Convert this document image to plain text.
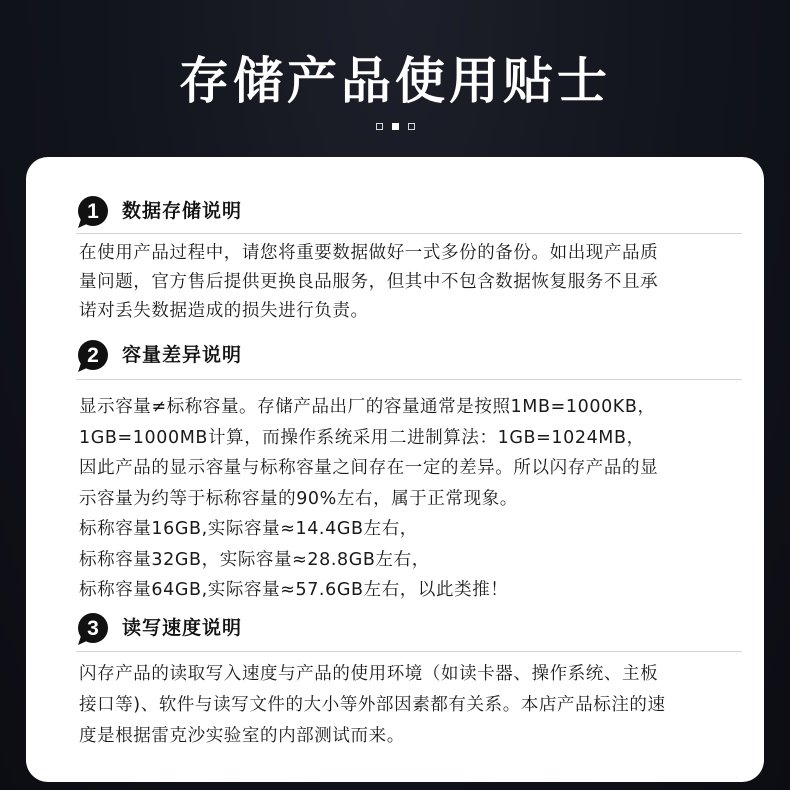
存储产品使用贴士
1 数据存储说明
在使用产品过程中，请您将重要数据做好一式多份的备份。如出现产品质
量问题，官方售后提供更换良品服务，但其中不包含数据恢复服务不且承
诺对丢失数据造成的损失进行负责。
2 容量差异说明
显示容量≠标称容量。存储产品出厂的容量通常是按照1MB=1000KB，
1GB=1000MB计算，而操作系统采用二进制算法：1GB=1024MB，
因此产品的显示容量与标称容量之间存在一定的差异。所以闪存产品的显
示容量为约等于标称容量的90%左右，属于正常现象。
标称容量16GB,实际容量≈14.4GB左右，
标称容量32GB，实际容量≈28.8GB左右，
标称容量64GB,实际容量≈57.6GB左右，以此类推！
3 读写速度说明
闪存产品的读取写入速度与产品的使用环境（如读卡器、操作系统、主板
接口等)、软件与读写文件的大小等外部因素都有关系。本店产品标注的速
度是根据雷克沙实验室的内部测试而来。
